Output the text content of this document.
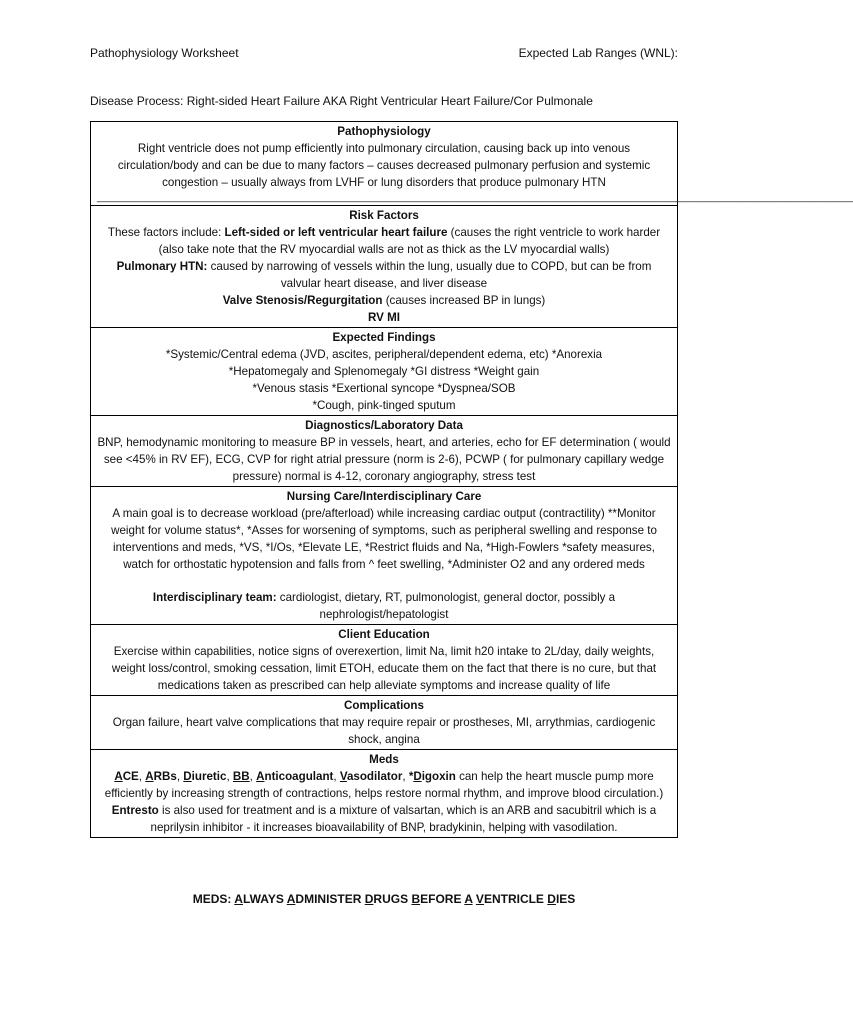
Pathophysiology Worksheet	Expected Lab Ranges (WNL):
Disease Process: Right-sided Heart Failure AKA Right Ventricular Heart Failure/Cor Pulmonale
Pathophysiology
Right ventricle does not pump efficiently into pulmonary circulation, causing back up into venous circulation/body and can be due to many factors – causes decreased pulmonary perfusion and systemic congestion – usually always from LVHF or lung disorders that produce pulmonary HTN
________________________________________________________________________________________________________________________________________
Risk Factors
These factors include: Left-sided or left ventricular heart failure (causes the right ventricle to work harder (also take note that the RV myocardial walls are not as thick as the LV myocardial walls)
Pulmonary HTN: caused by narrowing of vessels within the lung, usually due to COPD, but can be from valvular heart disease, and liver disease
Valve Stenosis/Regurgitation (causes increased BP in lungs)
RV MI
Expected Findings
*Systemic/Central edema (JVD, ascites, peripheral/dependent edema, etc) *Anorexia
*Hepatomegaly and Splenomegaly *GI distress *Weight gain
*Venous stasis *Exertional syncope *Dyspnea/SOB
*Cough, pink-tinged sputum
Diagnostics/Laboratory Data
BNP, hemodynamic monitoring to measure BP in vessels, heart, and arteries, echo for EF determination ( would see <45% in RV EF), ECG, CVP for right atrial pressure (norm is 2-6), PCWP ( for pulmonary capillary wedge pressure) normal is 4-12, coronary angiography, stress test
Nursing Care/Interdisciplinary Care
A main goal is to decrease workload (pre/afterload) while increasing cardiac output (contractility) **Monitor weight for volume status*, *Asses for worsening of symptoms, such as peripheral swelling and response to interventions and meds, *VS, *I/Os, *Elevate LE, *Restrict fluids and Na, *High-Fowlers *safety measures, watch for orthostatic hypotension and falls from ^ feet swelling, *Administer O2 and any ordered meds
Interdisciplinary team: cardiologist, dietary, RT, pulmonologist, general doctor, possibly a nephrologist/hepatologist
Client Education
Exercise within capabilities, notice signs of overexertion, limit Na, limit h20 intake to 2L/day, daily weights, weight loss/control, smoking cessation, limit ETOH, educate them on the fact that there is no cure, but that medications taken as prescribed can help alleviate symptoms and increase quality of life
Complications
Organ failure, heart valve complications that may require repair or prostheses, MI, arrythmias, cardiogenic shock, angina
Meds
ACE, ARBs, Diuretic, BB, Anticoagulant, Vasodilator, *Digoxin can help the heart muscle pump more efficiently by increasing strength of contractions, helps restore normal rhythm, and improve blood circulation.) Entresto is also used for treatment and is a mixture of valsartan, which is an ARB and sacubitril which is a neprilysin inhibitor - it increases bioavailability of BNP, bradykinin, helping with vasodilation.
MEDS: ALWAYS ADMINISTER DRUGS BEFORE A VENTRICLE DIES
